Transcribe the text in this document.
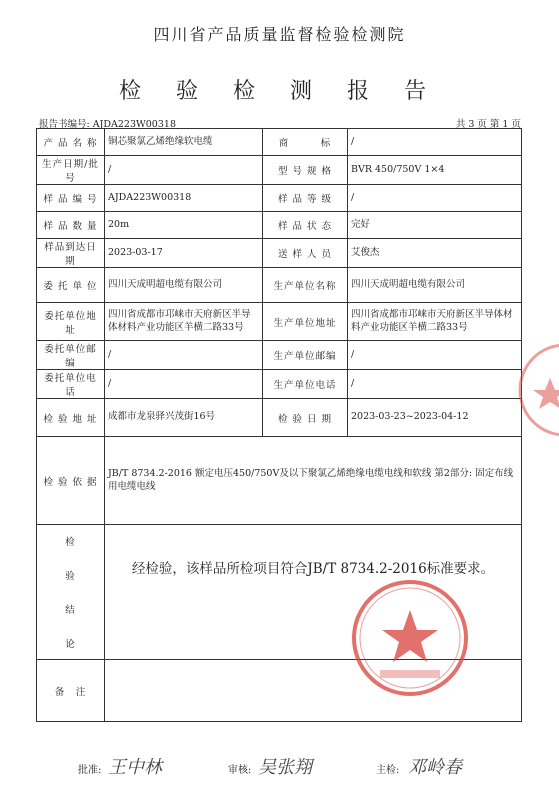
四川省产品质量监督检验检测院
检 验 检 测 报 告
报告书编号: AJDA223W00318	共 3 页 第 1 页
产 品 名 称	铜芯聚氯乙烯绝缘软电缆	商　　　标	/
生产日期/批号	/	型 号 规 格	BVR 450/750V 1×4
样 品 编 号	AJDA223W00318	样 品 等 级	/
样 品 数 量	20m	样 品 状 态	完好
样品到达日期	2023-03-17	送 样 人 员	艾俊杰
委 托 单 位	四川天成明超电缆有限公司	生产单位名称	四川天成明超电缆有限公司
委托单位地址	四川省成都市邛崃市天府新区半导体材料产业功能区羊横二路33号	生产单位地址	四川省成都市邛崃市天府新区半导体材料产业功能区羊横二路33号
委托单位邮编	/	生产单位邮编	/
委托单位电话	/	生产单位电话	/
检 验 地 址	成都市龙泉驿兴茂街16号	检 验 日 期	2023-03-23~2023-04-12
检 验 依 据	JB/T 8734.2-2016 额定电压450/750V及以下聚氯乙烯绝缘电缆电线和软线 第2部分: 固定布线用电缆电线		

检
验
结
论	经检验，该样品所检项目符合JB/T 8734.2-2016标准要求。		

备　注			
批准: 王中林	审核: 吴张翔	主检: 邓岭春
